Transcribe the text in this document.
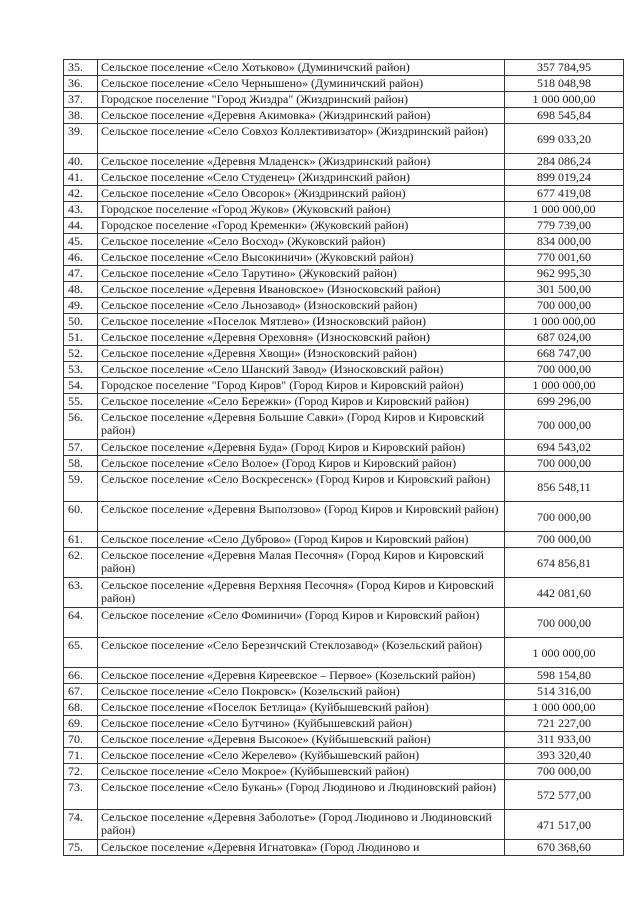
35.	Сельское поселение «Село Хотьково» (Думиничский район)	357 784,95
36.	Сельское поселение «Село Чернышено» (Думиничский район)	518 048,98
37.	Городское поселение "Город Жиздра" (Жиздринский район)	1 000 000,00
38.	Сельское поселение «Деревня Акимовка» (Жиздринский район)	698 545,84
39.	Сельское поселение «Село Совхоз Коллективизатор» (Жиздринский район)	699 033,20
40.	Сельское поселение «Деревня Младенск» (Жиздринский район)	284 086,24
41.	Сельское поселение «Село Студенец» (Жиздринский район)	899 019,24
42.	Сельское поселение «Село Овсорок» (Жиздринский район)	677 419,08
43.	Городское поселение «Город Жуков» (Жуковский район)	1 000 000,00
44.	Городское поселение «Город Кременки» (Жуковский район)	779 739,00
45.	Сельское поселение «Село Восход» (Жуковский район)	834 000,00
46.	Сельское поселение «Село Высокиничи» (Жуковский район)	770 001,60
47.	Сельское поселение «Село Тарутино» (Жуковский район)	962 995,30
48.	Сельское поселение «Деревня Ивановское» (Износковский район)	301 500,00
49.	Сельское поселение «Село Льнозавод» (Износковский район)	700 000,00
50.	Сельское поселение «Поселок Мятлево» (Износковский район)	1 000 000,00
51.	Сельское поселение «Деревня Ореховня» (Износковский район)	687 024,00
52.	Сельское поселение «Деревня Хвощи» (Износковский район)	668 747,00
53.	Сельское поселение «Село Шанский Завод» (Износковский район)	700 000,00
54.	Городское поселение "Город Киров" (Город Киров и Кировский район)	1 000 000,00
55.	Сельское поселение «Село Бережки» (Город Киров и Кировский район)	699 296,00
56.	Сельское поселение «Деревня Большие Савки» (Город Киров и Кировский район)	700 000,00
57.	Сельское поселение «Деревня Буда» (Город Киров и Кировский район)	694 543,02
58.	Сельское поселение «Село Волое» (Город Киров и Кировский район)	700 000,00
59.	Сельское поселение «Село Воскресенск» (Город Киров и Кировский район)	856 548,11
60.	Сельское поселение «Деревня Выползово» (Город Киров и Кировский район)	700 000,00
61.	Сельское поселение «Село Дуброво» (Город Киров и Кировский район)	700 000,00
62.	Сельское поселение «Деревня Малая Песочня» (Город Киров и Кировский район)	674 856,81
63.	Сельское поселение «Деревня Верхняя Песочня» (Город Киров и Кировский район)	442 081,60
64.	Сельское поселение «Село Фоминичи» (Город Киров и Кировский район)	700 000,00
65.	Сельское поселение «Село Березичский Стеклозавод» (Козельский район)	1 000 000,00
66.	Сельское поселение «Деревня Киреевское – Первое» (Козельский район)	598 154,80
67.	Сельское поселение «Село Покровск» (Козельский район)	514 316,00
68.	Сельское поселение «Поселок Бетлица» (Куйбышевский район)	1 000 000,00
69.	Сельское поселение «Село Бутчино» (Куйбышевский район)	721 227,00
70.	Сельское поселение «Деревня Высокое» (Куйбышевский район)	311 933,00
71.	Сельское поселение «Село Жерелево» (Куйбышевский район)	393 320,40
72.	Сельское поселение «Село Мокрое» (Куйбышевский район)	700 000,00
73.	Сельское поселение «Село Букань» (Город Людиново и Людиновский район)	572 577,00
74.	Сельское поселение «Деревня Заболотье» (Город Людиново и Людиновский район)	471 517,00
75.	Сельское поселение «Деревня Игнатовка» (Город Людиново и	670 368,60
